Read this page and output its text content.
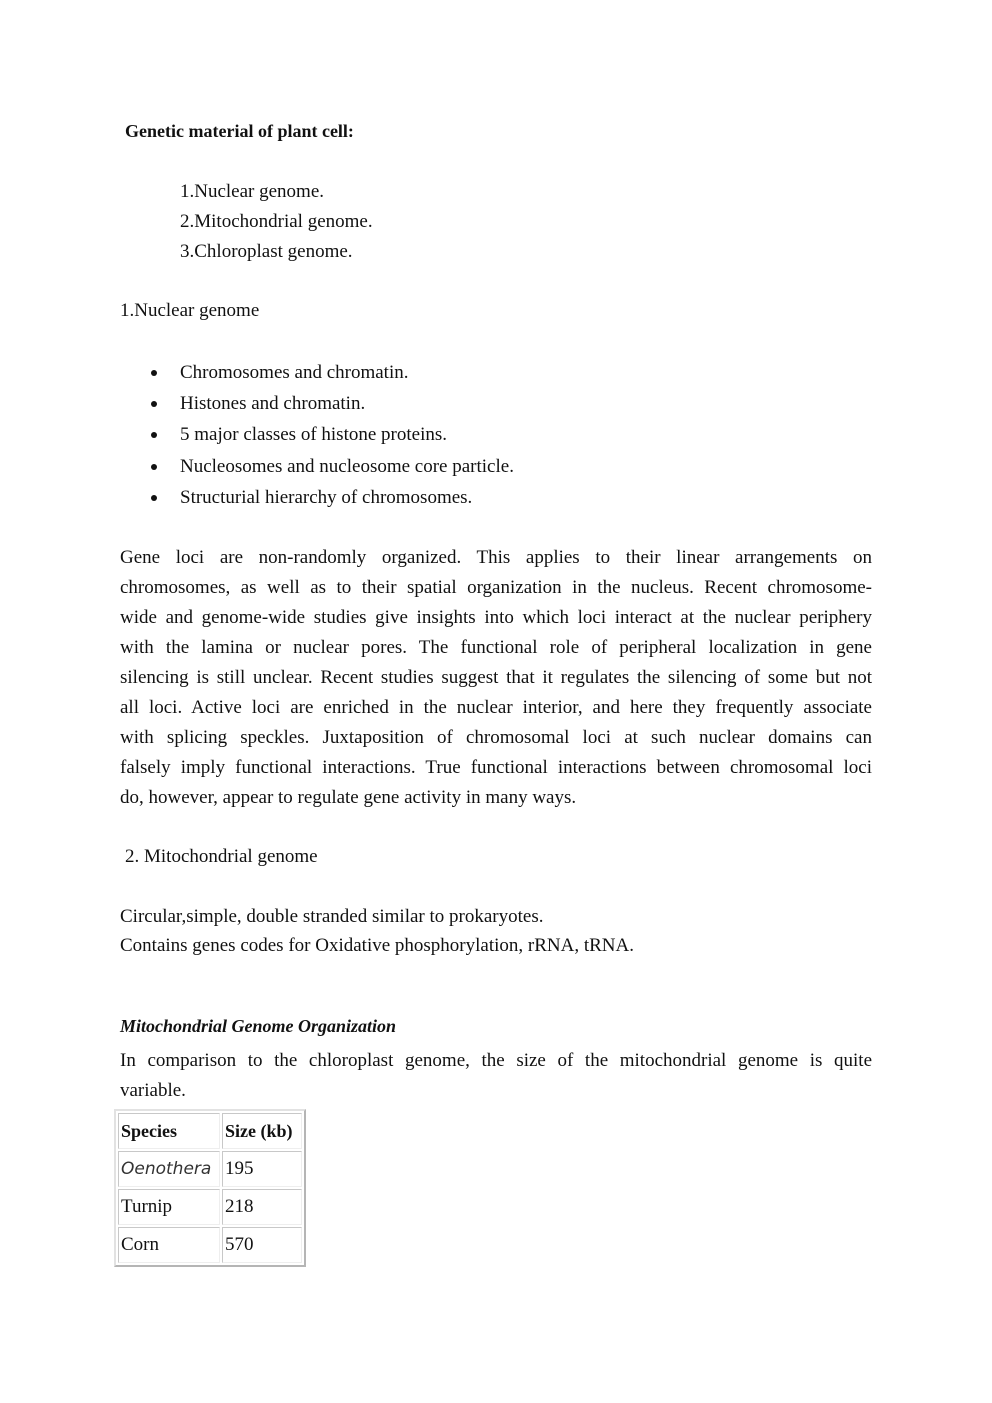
Genetic material of plant cell:
1.Nuclear genome.
2.Mitochondrial genome.
3.Chloroplast genome.
1.Nuclear genome
Chromosomes and chromatin.
Histones and chromatin.
5 major classes of histone proteins.
Nucleosomes and nucleosome core particle.
Structurial hierarchy of chromosomes.
Gene loci are non-randomly organized. This applies to their linear arrangements on
chromosomes, as well as to their spatial organization in the nucleus. Recent chromosome-
wide and genome-wide studies give insights into which loci interact at the nuclear periphery
with the lamina or nuclear pores. The functional role of peripheral localization in gene
silencing is still unclear. Recent studies suggest that it regulates the silencing of some but not
all loci. Active loci are enriched in the nuclear interior, and here they frequently associate
with splicing speckles. Juxtaposition of chromosomal loci at such nuclear domains can
falsely imply functional interactions. True functional interactions between chromosomal loci
do, however, appear to regulate gene activity in many ways.
2. Mitochondrial genome
Circular,simple, double stranded similar to prokaryotes.
Contains genes codes for Oxidative phosphorylation, rRNA, tRNA.
Mitochondrial Genome Organization
In comparison to the chloroplast genome, the size of the mitochondrial genome is quite
variable.
Species	Size (kb)
Oenothera	195
Turnip	218
Corn	570
